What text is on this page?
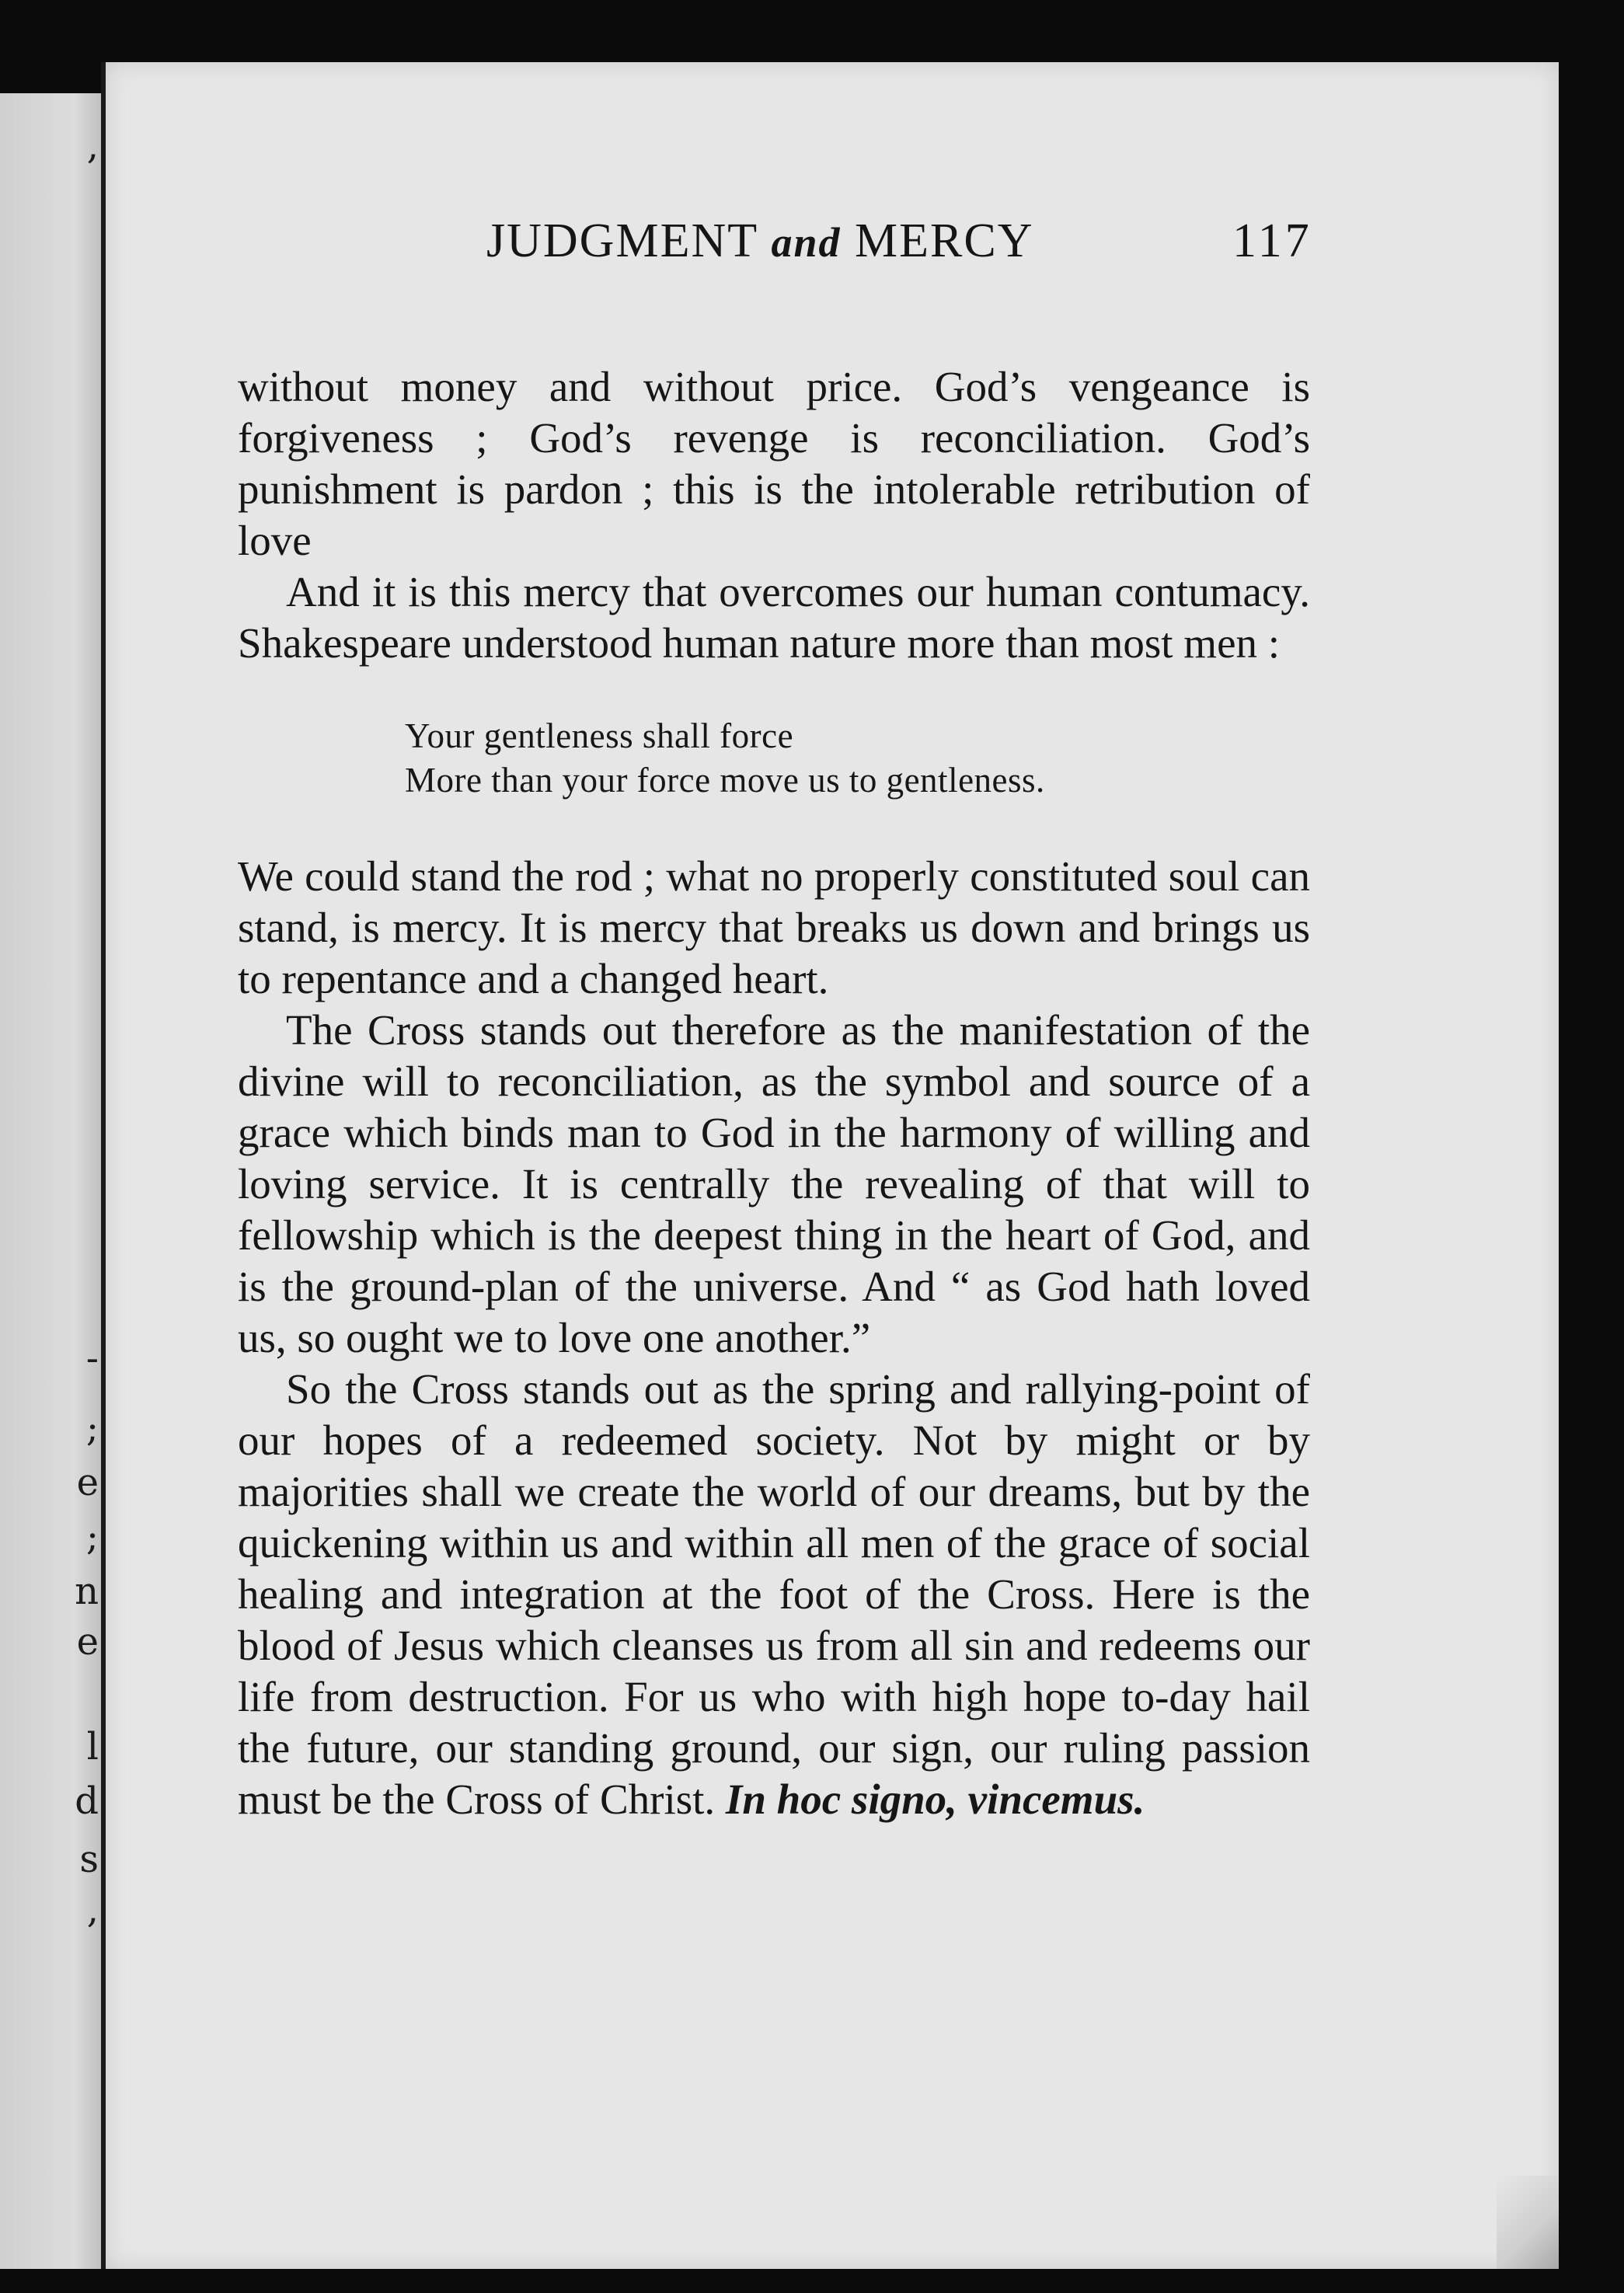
,
-
;
e
;
n
e
l
d
s
,
JUDGMENT and MERCY	117

without money and without price. God’s vengeance is forgiveness ; God’s revenge is reconciliation. God’s punishment is pardon ; this is the intolerable retribution of love

And it is this mercy that overcomes our human contumacy. Shakespeare understood human nature more than most men :

Your gentleness shall force
More than your force move us to gentleness.

We could stand the rod ; what no properly constituted soul can stand, is mercy. It is mercy that breaks us down and brings us to repentance and a changed heart.

The Cross stands out therefore as the manifestation of the divine will to reconciliation, as the symbol and source of a grace which binds man to God in the harmony of willing and loving service. It is centrally the revealing of that will to fellowship which is the deepest thing in the heart of God, and is the ground-plan of the universe. And “ as God hath loved us, so ought we to love one another.”

So the Cross stands out as the spring and rallying-point of our hopes of a redeemed society. Not by might or by majorities shall we create the world of our dreams, but by the quickening within us and within all men of the grace of social healing and integration at the foot of the Cross. Here is the blood of Jesus which cleanses us from all sin and redeems our life from destruction. For us who with high hope to-day hail the future, our standing ground, our sign, our ruling passion must be the Cross of Christ. In hoc signo, vincemus.
